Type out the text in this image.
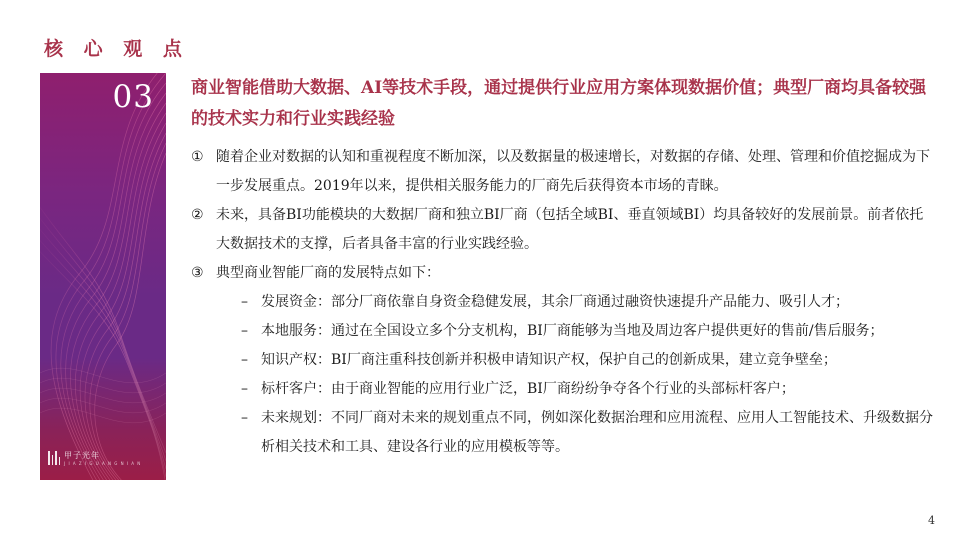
核 心 观 点
03
甲子光年
J I A Z I G U A N G N I A N
商业智能借助大数据、AI等技术手段，通过提供行业应用方案体现数据价值；典型厂商均具备较强的技术实力和行业实践经验
① 随着企业对数据的认知和重视程度不断加深，以及数据量的极速增长，对数据的存储、处理、管理和价值挖掘成为下一步发展重点。2019年以来，提供相关服务能力的厂商先后获得资本市场的青睐。
② 未来，具备BI功能模块的大数据厂商和独立BI厂商（包括全域BI、垂直领域BI）均具备较好的发展前景。前者依托大数据技术的支撑，后者具备丰富的行业实践经验。
③ 典型商业智能厂商的发展特点如下：
– 发展资金：部分厂商依靠自身资金稳健发展，其余厂商通过融资快速提升产品能力、吸引人才；
– 本地服务：通过在全国设立多个分支机构，BI厂商能够为当地及周边客户提供更好的售前/售后服务；
– 知识产权：BI厂商注重科技创新并积极申请知识产权，保护自己的创新成果，建立竞争壁垒；
– 标杆客户：由于商业智能的应用行业广泛，BI厂商纷纷争夺各个行业的头部标杆客户；
– 未来规划：不同厂商对未来的规划重点不同，例如深化数据治理和应用流程、应用人工智能技术、升级数据分析相关技术和工具、建设各行业的应用模板等等。
4
